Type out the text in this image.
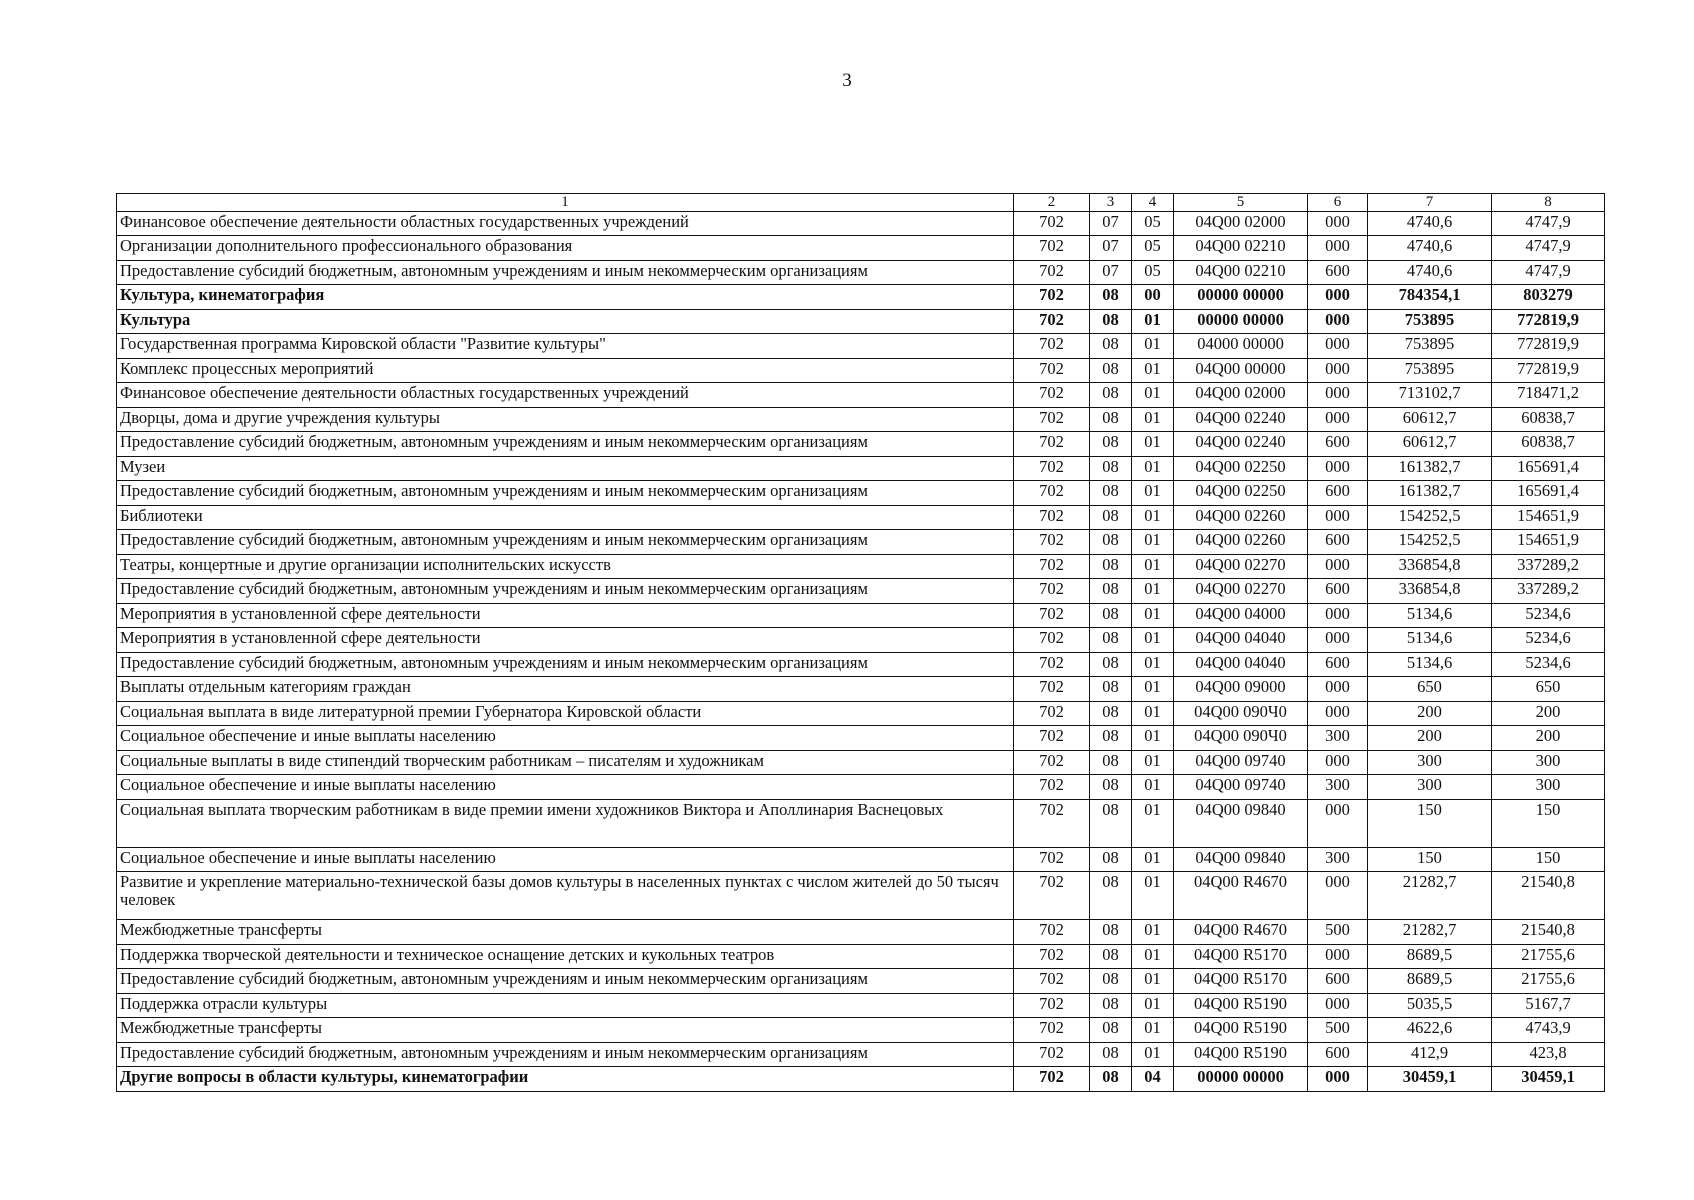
3
1	2	3	4	5	6	7	8
Финансовое обеспечение деятельности областных государственных учреждений	702	07	05	04Q00 02000	000	4740,6	4747,9
Организации дополнительного профессионального образования	702	07	05	04Q00 02210	000	4740,6	4747,9
Предоставление субсидий бюджетным, автономным учреждениям и иным некоммерческим организациям	702	07	05	04Q00 02210	600	4740,6	4747,9
Культура, кинематография	702	08	00	00000 00000	000	784354,1	803279
Культура	702	08	01	00000 00000	000	753895	772819,9
Государственная программа Кировской области "Развитие культуры"	702	08	01	04000 00000	000	753895	772819,9
Комплекс процессных мероприятий	702	08	01	04Q00 00000	000	753895	772819,9
Финансовое обеспечение деятельности областных государственных учреждений	702	08	01	04Q00 02000	000	713102,7	718471,2
Дворцы, дома и другие учреждения культуры	702	08	01	04Q00 02240	000	60612,7	60838,7
Предоставление субсидий бюджетным, автономным учреждениям и иным некоммерческим организациям	702	08	01	04Q00 02240	600	60612,7	60838,7
Музеи	702	08	01	04Q00 02250	000	161382,7	165691,4
Предоставление субсидий бюджетным, автономным учреждениям и иным некоммерческим организациям	702	08	01	04Q00 02250	600	161382,7	165691,4
Библиотеки	702	08	01	04Q00 02260	000	154252,5	154651,9
Предоставление субсидий бюджетным, автономным учреждениям и иным некоммерческим организациям	702	08	01	04Q00 02260	600	154252,5	154651,9
Театры, концертные и другие организации исполнительских искусств	702	08	01	04Q00 02270	000	336854,8	337289,2
Предоставление субсидий бюджетным, автономным учреждениям и иным некоммерческим организациям	702	08	01	04Q00 02270	600	336854,8	337289,2
Мероприятия в установленной сфере деятельности	702	08	01	04Q00 04000	000	5134,6	5234,6
Мероприятия в установленной сфере деятельности	702	08	01	04Q00 04040	000	5134,6	5234,6
Предоставление субсидий бюджетным, автономным учреждениям и иным некоммерческим организациям	702	08	01	04Q00 04040	600	5134,6	5234,6
Выплаты отдельным категориям граждан	702	08	01	04Q00 09000	000	650	650
Социальная выплата в виде литературной премии Губернатора Кировской области	702	08	01	04Q00 090Ч0	000	200	200
Социальное обеспечение и иные выплаты населению	702	08	01	04Q00 090Ч0	300	200	200
Социальные выплаты в виде стипендий творческим работникам – писателям и художникам	702	08	01	04Q00 09740	000	300	300
Социальное обеспечение и иные выплаты населению	702	08	01	04Q00 09740	300	300	300
Социальная выплата творческим работникам в виде премии имени художников Виктора и Аполлинария Васнецовых	702	08	01	04Q00 09840	000	150	150
Социальное обеспечение и иные выплаты населению	702	08	01	04Q00 09840	300	150	150
Развитие и укрепление материально-технической базы домов культуры в населенных пунктах с числом жителей до 50 тысяч человек	702	08	01	04Q00 R4670	000	21282,7	21540,8
Межбюджетные трансферты	702	08	01	04Q00 R4670	500	21282,7	21540,8
Поддержка творческой деятельности и техническое оснащение детских и кукольных театров	702	08	01	04Q00 R5170	000	8689,5	21755,6
Предоставление субсидий бюджетным, автономным учреждениям и иным некоммерческим организациям	702	08	01	04Q00 R5170	600	8689,5	21755,6
Поддержка отрасли культуры	702	08	01	04Q00 R5190	000	5035,5	5167,7
Межбюджетные трансферты	702	08	01	04Q00 R5190	500	4622,6	4743,9
Предоставление субсидий бюджетным, автономным учреждениям и иным некоммерческим организациям	702	08	01	04Q00 R5190	600	412,9	423,8
Другие вопросы в области культуры, кинематографии	702	08	04	00000 00000	000	30459,1	30459,1
